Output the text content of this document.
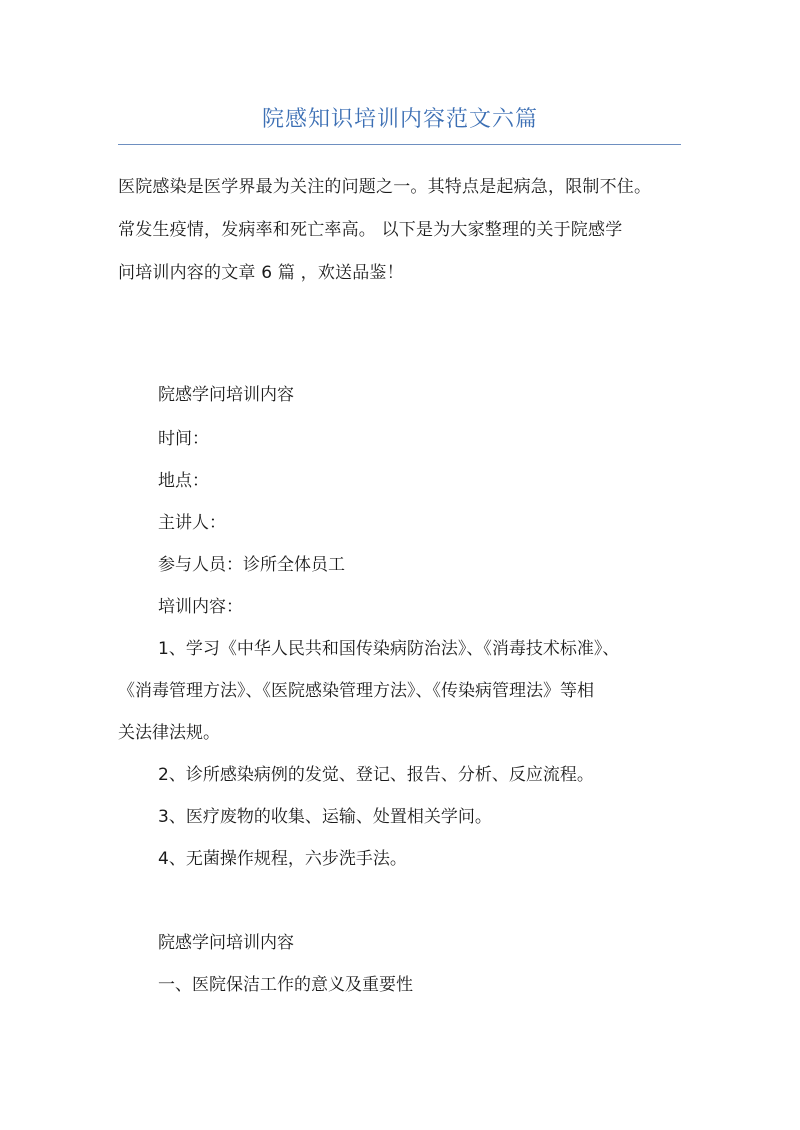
院感知识培训内容范文六篇
医院感染是医学界最为关注的问题之一。其特点是起病急，限制不住。
常发生疫情，发病率和死亡率高。 以下是为大家整理的关于院感学
问培训内容的文章 6 篇 ，欢送品鉴！
院感学问培训内容
时间：
地点：
主讲人：
参与人员：诊所全体员工
培训内容：
1、学习《中华人民共和国传染病防治法》、《消毒技术标准》、
《消毒管理方法》、《医院感染管理方法》、《传染病管理法》等相
关法律法规。
2、诊所感染病例的发觉、登记、报告、分析、反应流程。
3、医疗废物的收集、运输、处置相关学问。
4、无菌操作规程，六步洗手法。
院感学问培训内容
一、医院保洁工作的意义及重要性
